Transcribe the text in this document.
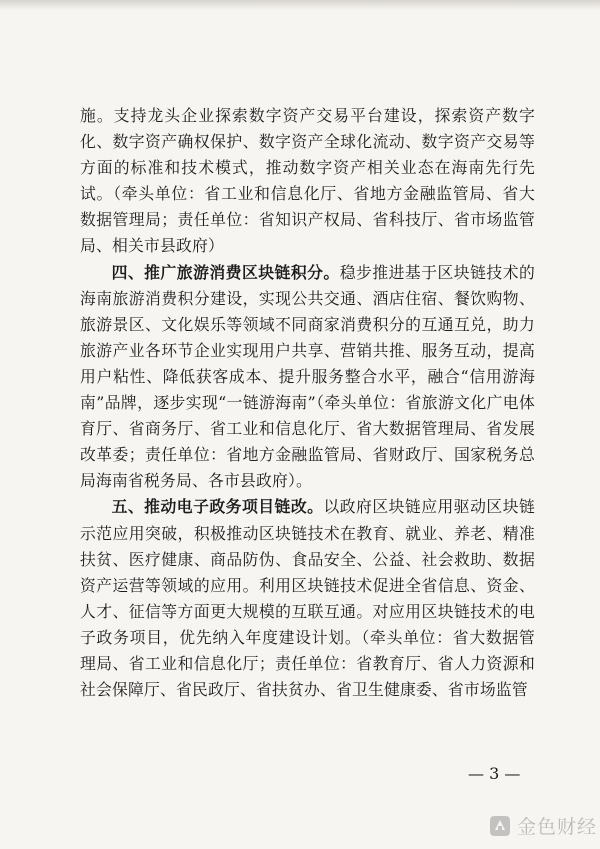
施。支持龙头企业探索数字资产交易平台建设，探索资产数字化、数字资产确权保护、数字资产全球化流动、数字资产交易等方面的标准和技术模式，推动数字资产相关业态在海南先行先试。（牵头单位：省工业和信息化厅、省地方金融监管局、省大数据管理局；责任单位：省知识产权局、省科技厅、省市场监管局、相关市县政府）

四、推广旅游消费区块链积分。稳步推进基于区块链技术的海南旅游消费积分建设，实现公共交通、酒店住宿、餐饮购物、旅游景区、文化娱乐等领域不同商家消费积分的互通互兑，助力旅游产业各环节企业实现用户共享、营销共推、服务互动，提高用户粘性、降低获客成本、提升服务整合水平，融合“信用游海南”品牌，逐步实现“一链游海南”（牵头单位：省旅游文化广电体育厅、省商务厅、省工业和信息化厅、省大数据管理局、省发展改革委；责任单位：省地方金融监管局、省财政厅、国家税务总局海南省税务局、各市县政府）。

五、推动电子政务项目链改。以政府区块链应用驱动区块链示范应用突破，积极推动区块链技术在教育、就业、养老、精准扶贫、医疗健康、商品防伪、食品安全、公益、社会救助、数据资产运营等领域的应用。利用区块链技术促进全省信息、资金、人才、征信等方面更大规模的互联互通。对应用区块链技术的电子政务项目，优先纳入年度建设计划。（牵头单位：省大数据管理局、省工业和信息化厅；责任单位：省教育厅、省人力资源和社会保障厅、省民政厅、省扶贫办、省卫生健康委、省市场监管

— 3 —
金色财经
